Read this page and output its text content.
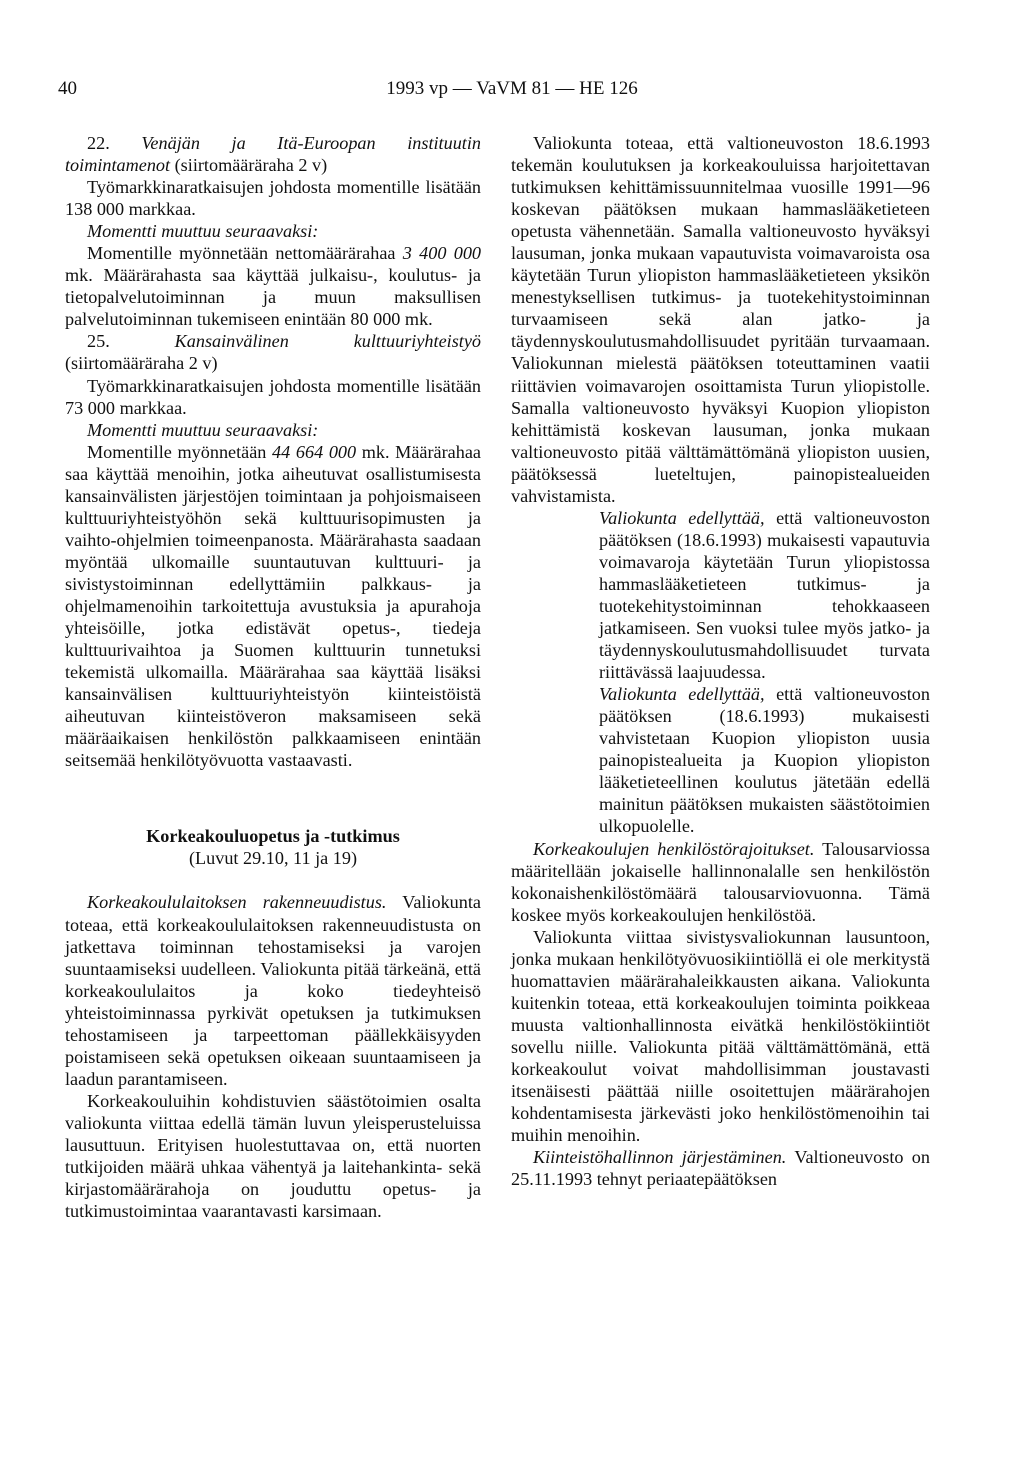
40	1993 vp — VaVM 81 — HE 126

22. Venäjän ja Itä-Euroopan instituutin toimintamenot (siirtomääräraha 2 v)

Työmarkkinaratkaisujen johdosta momentille lisätään 138 000 markkaa.

Momentti muuttuu seuraavaksi:

Momentille myönnetään nettomäärärahaa 3 400 000 mk. Määrärahasta saa käyttää julkaisu-, koulutus- ja tietopalvelutoiminnan ja muun maksullisen palvelutoiminnan tukemiseen enintään 80 000 mk.

25.	Kansainvälinen kulttuuriyhteistyö (siirtomääräraha 2 v)

Työmarkkinaratkaisujen johdosta momentille lisätään 73 000 markkaa.

Momentti muuttuu seuraavaksi:

Momentille myönnetään 44 664 000 mk. Määrärahaa saa käyttää menoihin, jotka aiheutuvat osallistumisesta kansainvälisten järjestöjen toimintaan ja pohjoismaiseen kulttuuriyhteistyöhön sekä kulttuurisopimusten ja vaihto-ohjelmien toimeenpanosta. Määrärahasta saadaan myöntää ulkomaille suuntautuvan kulttuuri- ja sivistystoiminnan edellyttämiin palkkaus- ja ohjelmamenoihin tarkoitettuja avustuksia ja apurahoja yhteisöille, jotka edistävät opetus-, tiedeja kulttuurivaihtoa ja Suomen kulttuurin tunnetuksi tekemistä ulkomailla. Määrärahaa saa käyttää lisäksi kansainvälisen kulttuuriyhteistyön kiinteistöistä aiheutuvan kiinteistöveron maksamiseen sekä määräaikaisen henkilöstön palkkaamiseen enintään seitsemää henkilötyövuotta vastaavasti.

Korkeakouluopetus ja -tutkimus

(Luvut 29.10, 11 ja 19)

Korkeakoululaitoksen rakenneuudistus. Valiokunta toteaa, että korkeakoululaitoksen rakenneuudistusta on jatkettava toiminnan tehostamiseksi ja varojen suuntaamiseksi uudelleen. Valiokunta pitää tärkeänä, että korkeakoululaitos ja koko tiedeyhteisö yhteistoiminnassa pyrkivät opetuksen ja tutkimuksen tehostamiseen ja tarpeettoman päällekkäisyyden poistamiseen sekä opetuksen oikeaan suuntaamiseen ja laadun parantamiseen.

Korkeakouluihin kohdistuvien säästötoimien osalta valiokunta viittaa edellä tämän luvun yleisperusteluissa lausuttuun. Erityisen huolestuttavaa on, että nuorten tutkijoiden määrä uhkaa vähentyä ja laitehankinta- sekä kirjastomäärärahoja on jouduttu opetus- ja tutkimustoimintaa vaarantavasti karsimaan.

Valiokunta toteaa, että valtioneuvoston 18.6.1993 tekemän koulutuksen ja korkeakouluissa harjoitettavan tutkimuksen kehittämissuunnitelmaa vuosille 1991—96 koskevan päätöksen mukaan hammaslääketieteen opetusta vähennetään. Samalla valtioneuvosto hyväksyi lausuman, jonka mukaan vapautuvista voimavaroista osa käytetään Turun yliopiston hammaslääketieteen yksikön menestyksellisen tutkimus- ja tuotekehitystoiminnan turvaamiseen sekä alan jatko- ja täydennyskoulutusmahdollisuudet pyritään turvaamaan. Valiokunnan mielestä päätöksen toteuttaminen vaatii riittävien voimavarojen osoittamista Turun yliopistolle. Samalla valtioneuvosto hyväksyi Kuopion yliopiston kehittämistä koskevan lausuman, jonka mukaan valtioneuvosto pitää välttämättömänä yliopiston uusien, päätöksessä lueteltujen, painopistealueiden vahvistamista.

Valiokunta edellyttää, että valtioneuvoston päätöksen (18.6.1993) mukaisesti vapautuvia voimavaroja käytetään Turun yliopistossa hammaslääketieteen tutkimus- ja tuotekehitystoiminnan tehokkaaseen jatkamiseen. Sen vuoksi tulee myös jatko- ja täydennyskoulutusmahdollisuudet turvata riittävässä laajuudessa.

Valiokunta edellyttää, että valtioneuvoston päätöksen (18.6.1993) mukaisesti vahvistetaan Kuopion yliopiston uusia painopistealueita ja Kuopion yliopiston lääketieteellinen koulutus jätetään edellä mainitun päätöksen mukaisten säästötoimien ulkopuolelle.

Korkeakoulujen henkilöstörajoitukset. Talousarviossa määritellään jokaiselle hallinnonalalle sen henkilöstön kokonaishenkilöstömäärä talousarviovuonna. Tämä koskee myös korkeakoulujen henkilöstöä.

Valiokunta viittaa sivistysvaliokunnan lausuntoon, jonka mukaan henkilötyövuosikiintiöllä ei ole merkitystä huomattavien määrärahaleikkausten aikana. Valiokunta kuitenkin toteaa, että korkeakoulujen toiminta poikkeaa muusta valtionhallinnosta eivätkä henkilöstökiintiöt sovellu niille. Valiokunta pitää välttämättömänä, että korkeakoulut voivat mahdollisimman joustavasti itsenäisesti päättää niille osoitettujen määrärahojen kohdentamisesta järkevästi joko henkilöstömenoihin tai muihin menoihin.

Kiinteistöhallinnon järjestäminen. Valtioneuvosto on 25.11.1993 tehnyt periaatepäätöksen
